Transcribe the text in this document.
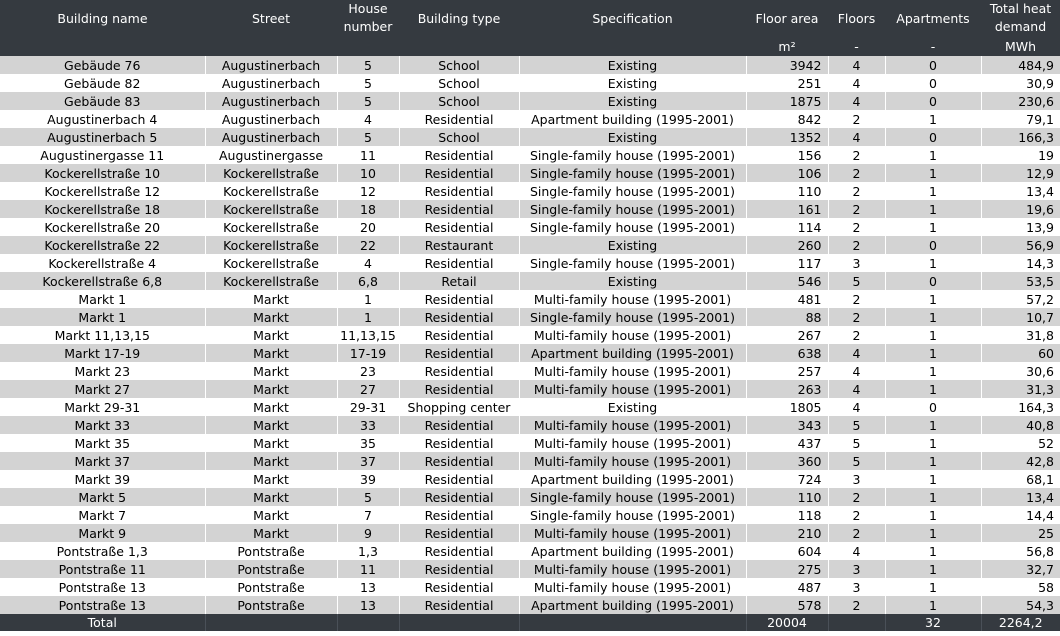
Building name	Street	House number	Building type	Specification	Floor area	Floors	Apartments	Total heat demand
					m²	-	-	MWh
Gebäude 76	Augustinerbach	5	School	Existing	3942	4	0	484,9
Gebäude 82	Augustinerbach	5	School	Existing	251	4	0	30,9
Gebäude 83	Augustinerbach	5	School	Existing	1875	4	0	230,6
Augustinerbach 4	Augustinerbach	4	Residential	Apartment building (1995-2001)	842	2	1	79,1
Augustinerbach 5	Augustinerbach	5	School	Existing	1352	4	0	166,3
Augustinergasse 11	Augustinergasse	11	Residential	Single-family house (1995-2001)	156	2	1	19
Kockerellstraße 10	Kockerellstraße	10	Residential	Single-family house (1995-2001)	106	2	1	12,9
Kockerellstraße 12	Kockerellstraße	12	Residential	Single-family house (1995-2001)	110	2	1	13,4
Kockerellstraße 18	Kockerellstraße	18	Residential	Single-family house (1995-2001)	161	2	1	19,6
Kockerellstraße 20	Kockerellstraße	20	Residential	Single-family house (1995-2001)	114	2	1	13,9
Kockerellstraße 22	Kockerellstraße	22	Restaurant	Existing	260	2	0	56,9
Kockerellstraße 4	Kockerellstraße	4	Residential	Single-family house (1995-2001)	117	3	1	14,3
Kockerellstraße 6,8	Kockerellstraße	6,8	Retail	Existing	546	5	0	53,5
Markt 1	Markt	1	Residential	Multi-family house (1995-2001)	481	2	1	57,2
Markt 1	Markt	1	Residential	Single-family house (1995-2001)	88	2	1	10,7
Markt 11,13,15	Markt	11,13,15	Residential	Multi-family house (1995-2001)	267	2	1	31,8
Markt 17-19	Markt	17-19	Residential	Apartment building (1995-2001)	638	4	1	60
Markt 23	Markt	23	Residential	Multi-family house (1995-2001)	257	4	1	30,6
Markt 27	Markt	27	Residential	Multi-family house (1995-2001)	263	4	1	31,3
Markt 29-31	Markt	29-31	Shopping center	Existing	1805	4	0	164,3
Markt 33	Markt	33	Residential	Multi-family house (1995-2001)	343	5	1	40,8
Markt 35	Markt	35	Residential	Multi-family house (1995-2001)	437	5	1	52
Markt 37	Markt	37	Residential	Multi-family house (1995-2001)	360	5	1	42,8
Markt 39	Markt	39	Residential	Apartment building (1995-2001)	724	3	1	68,1
Markt 5	Markt	5	Residential	Single-family house (1995-2001)	110	2	1	13,4
Markt 7	Markt	7	Residential	Single-family house (1995-2001)	118	2	1	14,4
Markt 9	Markt	9	Residential	Multi-family house (1995-2001)	210	2	1	25
Pontstraße 1,3	Pontstraße	1,3	Residential	Apartment building (1995-2001)	604	4	1	56,8
Pontstraße 11	Pontstraße	11	Residential	Multi-family house (1995-2001)	275	3	1	32,7
Pontstraße 13	Pontstraße	13	Residential	Multi-family house (1995-2001)	487	3	1	58
Pontstraße 13	Pontstraße	13	Residential	Apartment building (1995-2001)	578	2	1	54,3
Total					20004		32	2264,2
